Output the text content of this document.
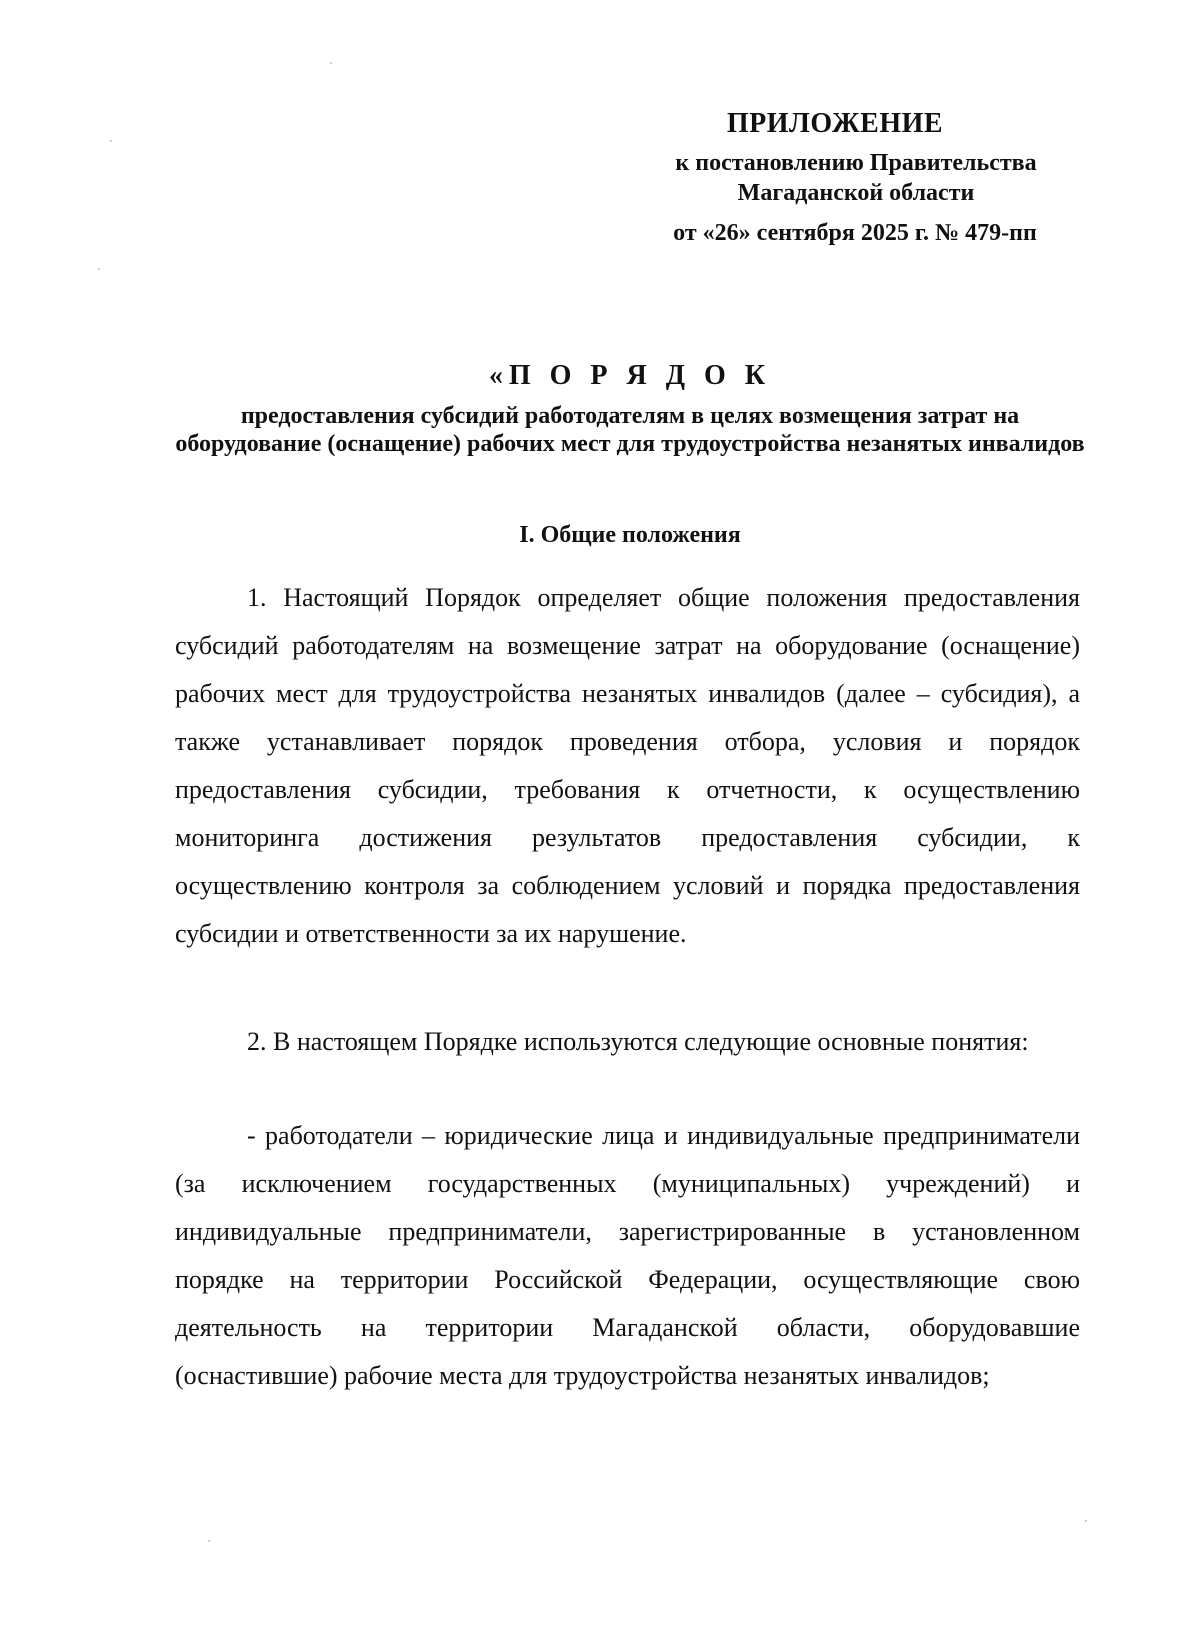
ПРИЛОЖЕНИЕ
к постановлению Правительства
Магаданской области
от «26» сентября 2025 г. № 479-пп
«П О Р Я Д О К
предоставления субсидий работодателям в целях возмещения затрат на оборудование (оснащение) рабочих мест для трудоустройства незанятых инвалидов
I. Общие положения

1. Настоящий Порядок определяет общие положения предоставления субсидий работодателям на возмещение затрат на оборудование (оснащение) рабочих мест для трудоустройства незанятых инвалидов (далее – субсидия), а также устанавливает порядок проведения отбора, условия и порядок предоставления субсидии, требования к отчетности, к осуществлению мониторинга достижения результатов предоставления субсидии, к осуществлению контроля за соблюдением условий и порядка предоставления субсидии и ответственности за их нарушение.

2. В настоящем Порядке используются следующие основные понятия:

- работодатели – юридические лица и индивидуальные предприниматели (за исключением государственных (муниципальных) учреждений) и индивидуальные предприниматели, зарегистрированные в установленном порядке на территории Российской Федерации, осуществляющие свою деятельность на территории Магаданской области, оборудовавшие (оснастившие) рабочие места для трудоустройства незанятых инвалидов;
